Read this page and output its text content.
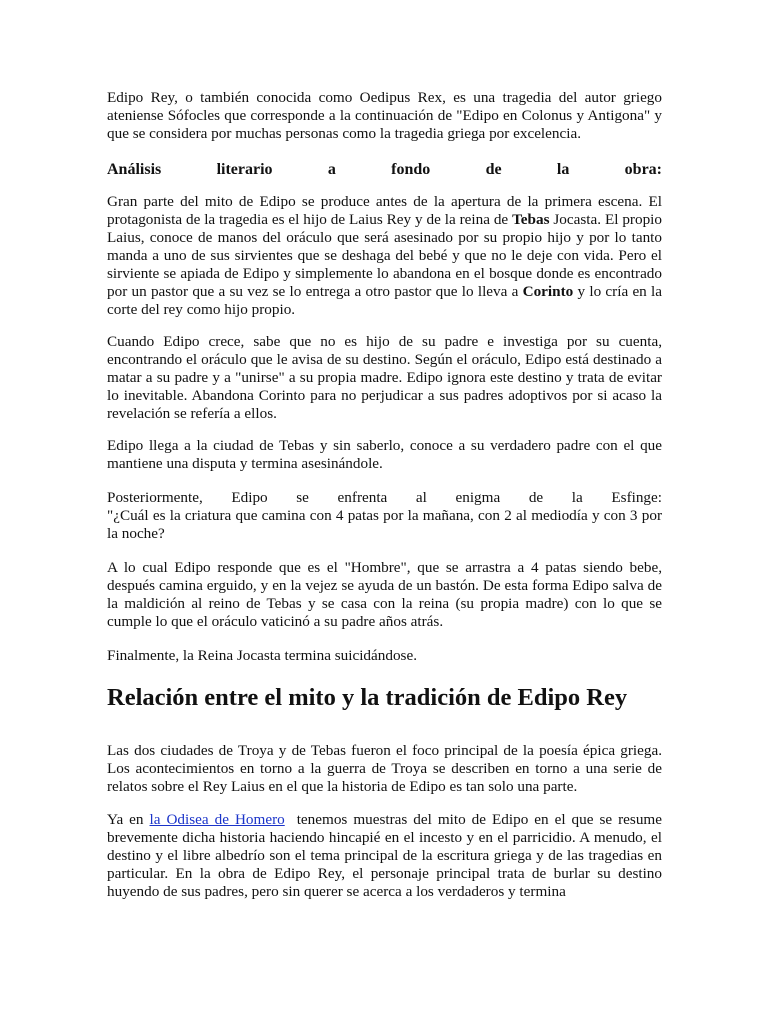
Edipo Rey, o también conocida como Oedipus Rex, es una tragedia del autor griego ateniense Sófocles que corresponde a la continuación de "Edipo en Colonus y Antigona" y que se considera por muchas personas como la tragedia griega por excelencia.

Análisis	literario	a	fondo	de	la	obra:

Gran parte del mito de Edipo se produce antes de la apertura de la primera escena. El protagonista de la tragedia es el hijo de Laius Rey y de la reina de Tebas Jocasta. El propio Laius, conoce de manos del oráculo que será asesinado por su propio hijo y por lo tanto manda a uno de sus sirvientes que se deshaga del bebé y que no le deje con vida. Pero el sirviente se apiada de Edipo y simplemente lo abandona en el bosque donde es encontrado por un pastor que a su vez se lo entrega a otro pastor que lo lleva a Corinto y lo cría en la corte del rey como hijo propio.

Cuando Edipo crece, sabe que no es hijo de su padre e investiga por su cuenta, encontrando el oráculo que le avisa de su destino. Según el oráculo, Edipo está destinado a matar a su padre y a "unirse" a su propia madre. Edipo ignora este destino y trata de evitar lo inevitable. Abandona Corinto para no perjudicar a sus padres adoptivos por si acaso la revelación se refería a ellos.

Edipo llega a la ciudad de Tebas y sin saberlo, conoce a su verdadero padre con el que mantiene una disputa y termina asesinándole.

Posteriormente, Edipo se enfrenta al enigma de la Esfinge:

"¿Cuál es la criatura que camina con 4 patas por la mañana, con 2 al mediodía y con 3 por la noche?

A lo cual Edipo responde que es el "Hombre", que se arrastra a 4 patas siendo bebe, después camina erguido, y en la vejez se ayuda de un bastón. De esta forma Edipo salva de la maldición al reino de Tebas y se casa con la reina (su propia madre) con lo que se cumple lo que el oráculo vaticinó a su padre años atrás.

Finalmente, la Reina Jocasta termina suicidándose.

Relación entre el mito y la tradición de Edipo Rey

Las dos ciudades de Troya y de Tebas fueron el foco principal de la poesía épica griega. Los acontecimientos en torno a la guerra de Troya se describen en torno a una serie de relatos sobre el Rey Laius en el que la historia de Edipo es tan solo una parte.

Ya en la Odisea de Homero  tenemos muestras del mito de Edipo en el que se resume brevemente dicha historia haciendo hincapié en el incesto y en el parricidio. A menudo, el destino y el libre albedrío son el tema principal de la escritura griega y de las tragedias en particular. En la obra de Edipo Rey, el personaje principal trata de burlar su destino huyendo de sus padres, pero sin querer se acerca a los verdaderos y termina
